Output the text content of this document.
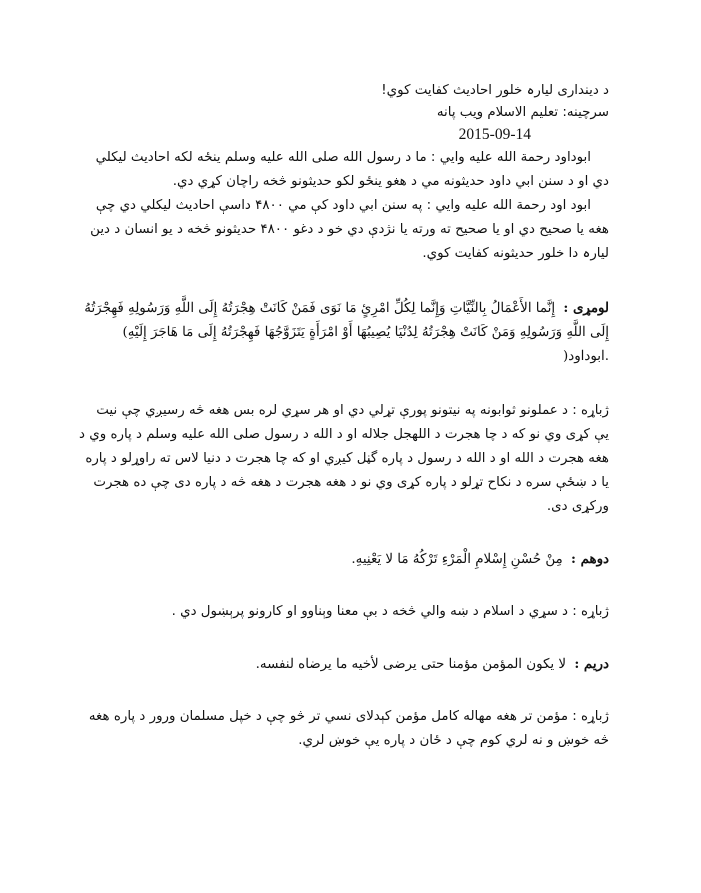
د دينداری ليارہ خلور احاديث كفايت كوي!

سرچينه: تعليم الاسلام ويب پانه

2015-09-14

ابوداود رحمة الله عليه وايي : ما د رسول الله صلى الله عليه وسلم ينځه لکه احاديث ليکلي دي او د سنن ابي داود حديثونه مي د هغو ينځو لکو حديثونو څخه راچان كړي دي.

ابود اود رحمة الله عليه وايي : په سنن ابي داود کې مي ۴۸۰۰ داسې احاديث ليکلي دي چې هغه يا صحيح دي او يا صحيح ته ورته يا نژدې دي خو د دغو ۴۸۰۰ حديثونو څخه د يو انسان د دين ليارہ دا خلور حديثونه كفايت كوي.

لومړی : إِنَّما الأَعْمَالُ بِالنِّيَّاتِ وَإِنَّما لِكُلِّ امْرِئٍ مَا نَوَى فَمَنْ كَانَتْ هِجْرَتُهُ إِلَى اللَّهِ وَرَسُولِهِ فَهِجْرَتُهُ إِلَى اللَّهِ وَرَسُولِهِ وَمَنْ كَانَتْ هِجْرَتُهُ لِدُنْيَا يُصِيبُهَا أَوْ امْرَأَةٍ يَتَزَوَّجُهَا فَهِجْرَتُهُ إِلَى مَا هَاجَرَ إِلَيْهِ) .ابوداود(

ژباړه : د عملونو ثوابونه په نيتونو پورې تړلي دي او هر سړي لره بس هغه څه رسيږي چې نيت يې کړی وي نو كه د چا هجرت د اللهجل جلاله او د الله د رسول صلى الله عليه وسلم د پاره وي د هغه هجرت د الله او د الله د رسول د پاره گڼل کيږي او كه چا هجرت د دنيا لاس ته راوړلو د پاره يا د ښځې سره د نكاح تړلو د پاره كړی وي نو د هغه هجرت د هغه څه د پاره دی چې ده هجرت وركړی دی.

دوهم : مِنْ حُسْنِ إِسْلامِ الْمَرْءِ تَرْكُهُ مَا لا يَعْنِيهِ.

ژباړه : د سړي د اسلام د ښه والي څخه د بې معنا وېناوو او كارونو پرېښول دي .

دريم : لا يكون المؤمن مؤمنا حتى يرضى لأخيه ما يرضاه لنفسه.

ژباړه : مؤمن تر هغه مهاله کامل مؤمن کېدلای نسي تر څو چې د خپل مسلمان ورور د پاره هغه څه خوښ و نه لري كوم چې د ځان د پاره يې خوښ لري.
